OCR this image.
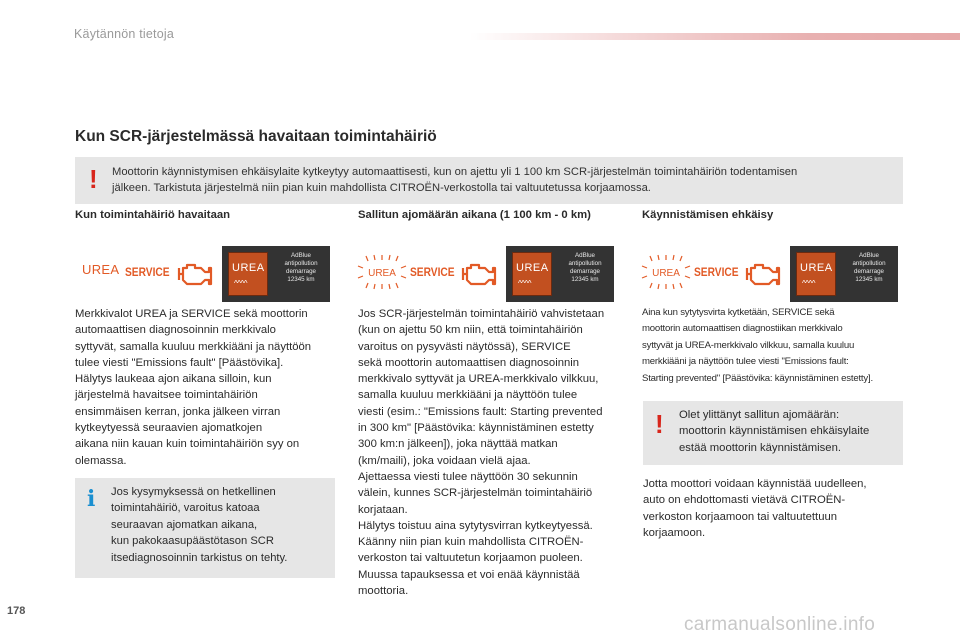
Käytännön tietoja
Kun SCR-järjestelmässä havaitaan toimintahäiriö
! Moottorin käynnistymisen ehkäisylaite kytkeytyy automaattisesti, kun on ajettu yli 1 100 km SCR-järjestelmän toimintahäiriön todentamisen
jälkeen. Tarkistuta järjestelmä niin pian kuin mahdollista CITROËN-verkostolla tai valtuutetussa korjaamossa.
Kun toimintahäiriö havaitaan	Sallitun ajomäärän aikana (1 100 km - 0 km)	Käynnistämisen ehkäisy
UREA SERVICE	UREA
^^^^
AdBlue
antipollution
demarrage
12345 km
UREA SERVICE	UREA
^^^^
AdBlue
antipollution
demarrage
12345 km
UREA SERVICE	UREA
^^^^
AdBlue
antipollution
demarrage
12345 km
Merkkivalot UREA ja SERVICE sekä moottorin
automaattisen diagnosoinnin merkkivalo
syttyvät, samalla kuuluu merkkiääni ja näyttöön
tulee viesti "Emissions fault" [Päästövika].
Hälytys laukeaa ajon aikana silloin, kun
järjestelmä havaitsee toimintahäiriön
ensimmäisen kerran, jonka jälkeen virran
kytkeytyessä seuraavien ajomatkojen
aikana niin kauan kuin toimintahäiriön syy on
olemassa.
i Jos kysymyksessä on hetkellinen
toimintahäiriö, varoitus katoaa
seuraavan ajomatkan aikana,
kun pakokaasupäästötason SCR
itsediagnosoinnin tarkistus on tehty.
Jos SCR-järjestelmän toimintahäiriö vahvistetaan
(kun on ajettu 50 km niin, että toimintahäiriön
varoitus on pysyvästi näytössä), SERVICE
sekä moottorin automaattisen diagnosoinnin
merkkivalo syttyvät ja UREA-merkkivalo vilkkuu,
samalla kuuluu merkkiääni ja näyttöön tulee
viesti (esim.: "Emissions fault: Starting prevented
in 300 km" [Päästövika: käynnistäminen estetty
300 km:n jälkeen]), joka näyttää matkan
(km/maili), joka voidaan vielä ajaa.
Ajettaessa viesti tulee näyttöön 30 sekunnin
välein, kunnes SCR-järjestelmän toimintahäiriö
korjataan.
Hälytys toistuu aina sytytysvirran kytkeytyessä.
Käänny niin pian kuin mahdollista CITROËN-
verkoston tai valtuutetun korjaamon puoleen.
Muussa tapauksessa et voi enää käynnistää
moottoria.
Aina kun sytytysvirta kytketään, SERVICE sekä
moottorin automaattisen diagnostiikan merkkivalo
syttyvät ja UREA-merkkivalo vilkkuu, samalla kuuluu
merkkiääni ja näyttöön tulee viesti "Emissions fault:
Starting prevented" [Päästövika: käynnistäminen estetty].
! Olet ylittänyt sallitun ajomäärän:
moottorin käynnistämisen ehkäisylaite
estää moottorin käynnistämisen.
Jotta moottori voidaan käynnistää uudelleen,
auto on ehdottomasti vietävä CITROËN-
verkoston korjaamoon tai valtuutettuun
korjaamoon.
178
carmanualsonline.info
